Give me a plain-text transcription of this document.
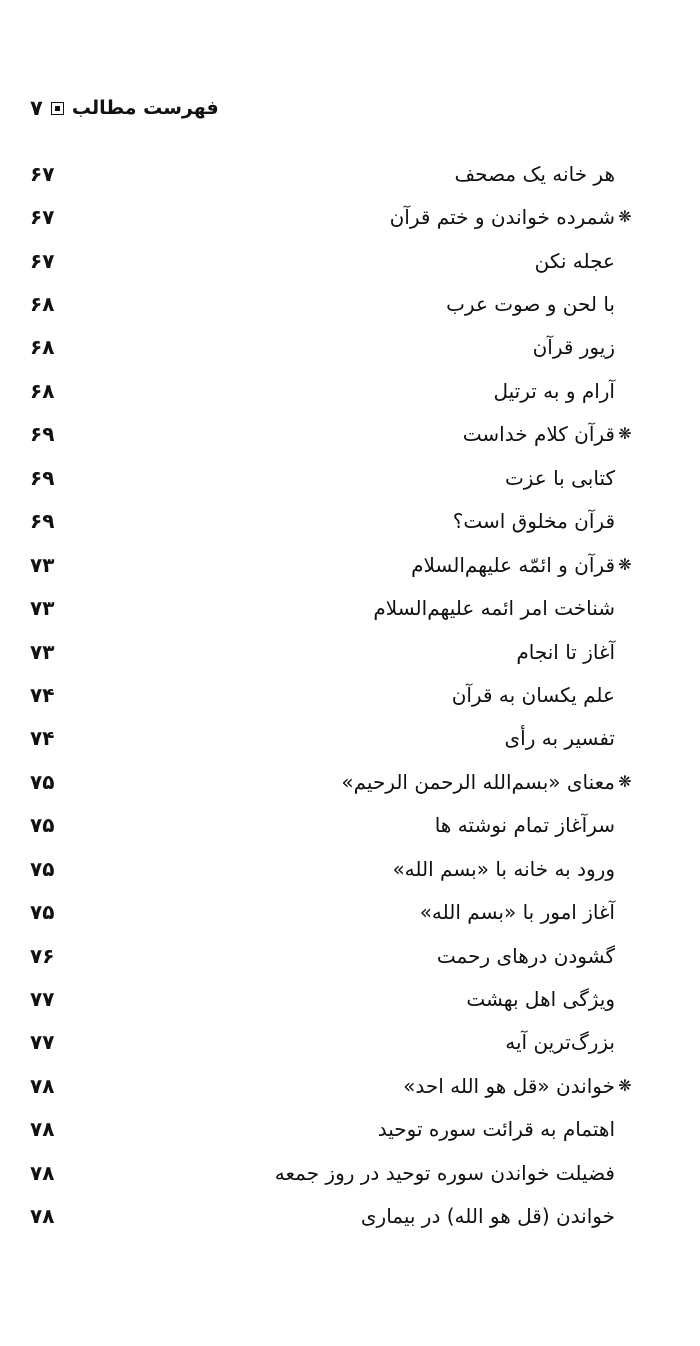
فهرست مطالب
۷
هر خانه یک مصحف
۶۷
❋
شمرده خواندن و ختم قرآن
۶۷
عجله نکن
۶۷
با لحن و صوت عرب
۶۸
زیور قرآن
۶۸
آرام و به ترتیل
۶۸
❋
قرآن کلام خداست
۶۹
کتابی با عزت
۶۹
قرآن مخلوق است؟
۶۹
❋
قرآن و ائمّه علیهم‌السلام
۷۳
شناخت امر ائمه علیهم‌السلام
۷۳
آغاز تا انجام
۷۳
علم یکسان به قرآن
۷۴
تفسیر به رأی
۷۴
❋
معنای «بسم‌الله الرحمن الرحیم»
۷۵
سرآغاز تمام نوشته ها
۷۵
ورود به خانه با «بسم الله»
۷۵
آغاز امور با «بسم الله»
۷۵
گشودن درهای رحمت
۷۶
ویژگی اهل بهشت
۷۷
بزرگ‌ترین آیه
۷۷
❋
خواندن «قل هو الله احد»
۷۸
اهتمام به قرائت سوره توحید
۷۸
فضیلت خواندن سوره توحید در روز جمعه
۷۸
خواندن (قل هو الله) در بیماری
۷۸
